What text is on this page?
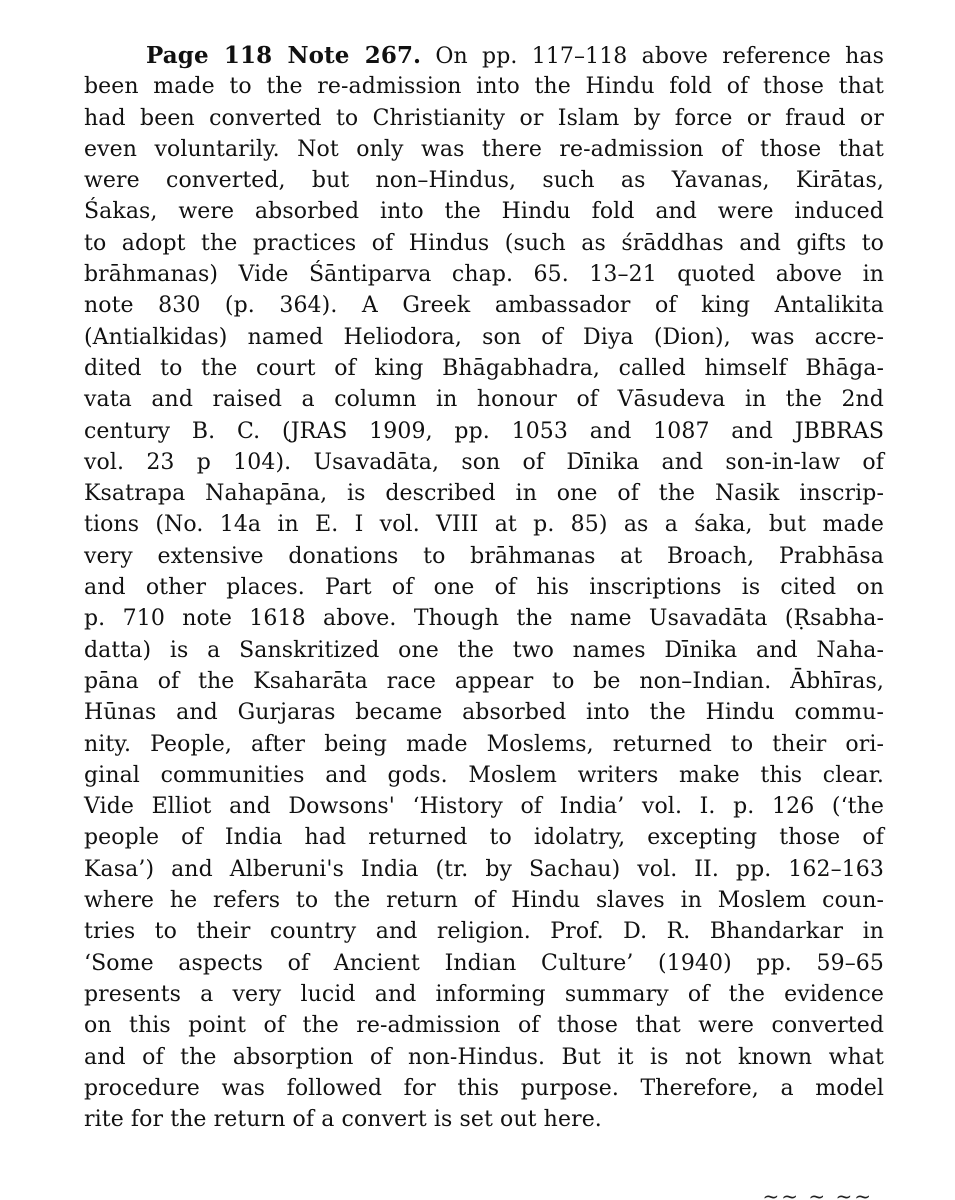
Page 118 Note 267. On pp. 117–118 above reference has
been made to the re-admission into the Hindu fold of those that
had been converted to Christianity or Islam by force or fraud or
even voluntarily. Not only was there re-admission of those that
were converted, but non–Hindus, such as Yavanas, Kirātas,
Śakas, were absorbed into the Hindu fold and were induced
to adopt the practices of Hindus (such as śrāddhas and gifts to
brāhmanas) Vide Śāntiparva chap. 65. 13–21 quoted above in
note 830 (p. 364). A Greek ambassador of king Antalikita
(Antialkidas) named Heliodora, son of Diya (Dion), was accre-
dited to the court of king Bhāgabhadra, called himself Bhāga-
vata and raised a column in honour of Vāsudeva in the 2nd
century B. C. (JRAS 1909, pp. 1053 and 1087 and JBBRAS
vol. 23 p 104). Usavadāta, son of Dīnika and son-in-law of
Ksatrapa Nahapāna, is described in one of the Nasik inscrip-
tions (No. 14a in E. I vol. VIII at p. 85) as a śaka, but made
very extensive donations to brāhmanas at Broach, Prabhāsa
and other places. Part of one of his inscriptions is cited on
p. 710 note 1618 above. Though the name Usavadāta (Ṛsabha-
datta) is a Sanskritized one the two names Dīnika and Naha-
pāna of the Ksaharāta race appear to be non–Indian. Ābhīras,
Hūnas and Gurjaras became absorbed into the Hindu commu-
nity. People, after being made Moslems, returned to their ori-
ginal communities and gods. Moslem writers make this clear.
Vide Elliot and Dowsons' ‘History of India’ vol. I. p. 126 (‘the
people of India had returned to idolatry, excepting those of
Kasa’) and Alberuni's India (tr. by Sachau) vol. II. pp. 162–163
where he refers to the return of Hindu slaves in Moslem coun-
tries to their country and religion. Prof. D. R. Bhandarkar in
‘Some aspects of Ancient Indian Culture’ (1940) pp. 59–65
presents a very lucid and informing summary of the evidence
on this point of the re-admission of those that were converted
and of the absorption of non-Hindus. But it is not known what
procedure was followed for this purpose. Therefore, a model
rite for the return of a convert is set out here.
~~ ~ ~~
